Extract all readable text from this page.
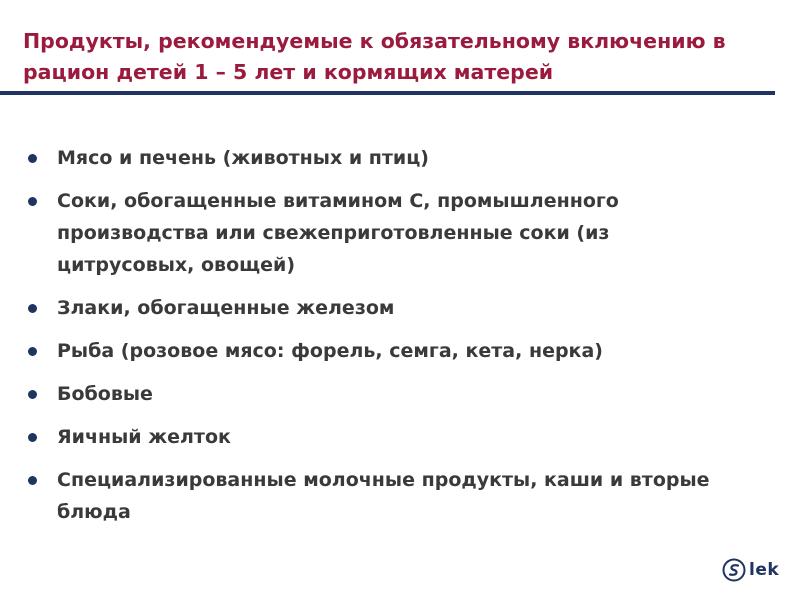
Продукты, рекомендуемые к обязательному включению в рацион детей 1 – 5 лет и кормящих матерей
Мясо и печень (животных и птиц)
Соки, обогащенные витамином С, промышленного производства или свежеприготовленные соки (из цитрусовых, овощей)
Злаки, обогащенные железом
Рыба (розовое мясо: форель, семга, кета, нерка)
Бобовые
Яичный желток
Специализированные молочные продукты, каши и вторые блюда
lek
